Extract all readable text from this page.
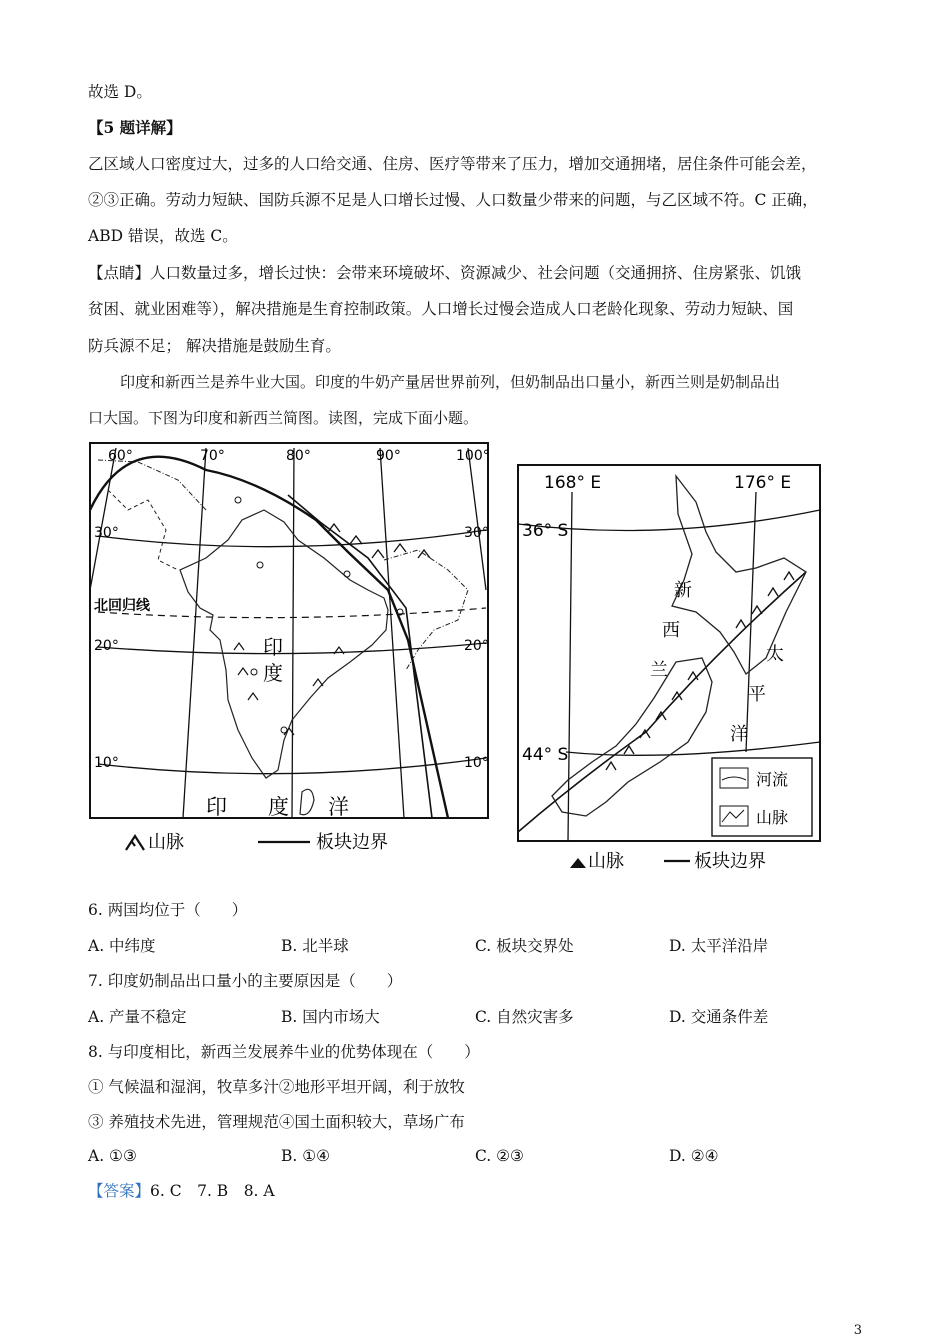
故选 D。
【5 题详解】
乙区域人口密度过大，过多的人口给交通、住房、医疗等带来了压力，增加交通拥堵，居住条件可能会差，
②③正确。劳动力短缺、国防兵源不足是人口增长过慢、人口数量少带来的问题，与乙区域不符。C 正确，
ABD 错误，故选 C。
【点睛】人口数量过多，增长过快：会带来环境破坏、资源减少、社会问题（交通拥挤、住房紧张、饥饿
贫困、就业困难等），解决措施是生育控制政策。人口增长过慢会造成人口老龄化现象、劳动力短缺、国
防兵源不足； 解决措施是鼓励生育。
印度和新西兰是养牛业大国。印度的牛奶产量居世界前列，但奶制品出口量小，新西兰则是奶制品出
口大国。下图为印度和新西兰简图。读图，完成下面小题。
60°	70°	80°	90°	100°
30°	30°
20°	20°
10°	10°
北回归线
印
度
印 度 洋
山脉	板块边界
168° E	176° E
36° S
44° S
新
西
兰
太
平
洋
河流
山脉
山脉	板块边界
6. 两国均位于（　　）
A. 中纬度	B. 北半球	C. 板块交界处	D. 太平洋沿岸
7. 印度奶制品出口量小的主要原因是（　　）
A. 产量不稳定	B. 国内市场大	C. 自然灾害多	D. 交通条件差
8. 与印度相比，新西兰发展养牛业的优势体现在（　　）
① 气候温和湿润，牧草多汁②地形平坦开阔，利于放牧
③ 养殖技术先进，管理规范④国土面积较大，草场广布
A. ①③	B. ①④	C. ②③	D. ②④
【答案】6. C　7. B　8. A
3
